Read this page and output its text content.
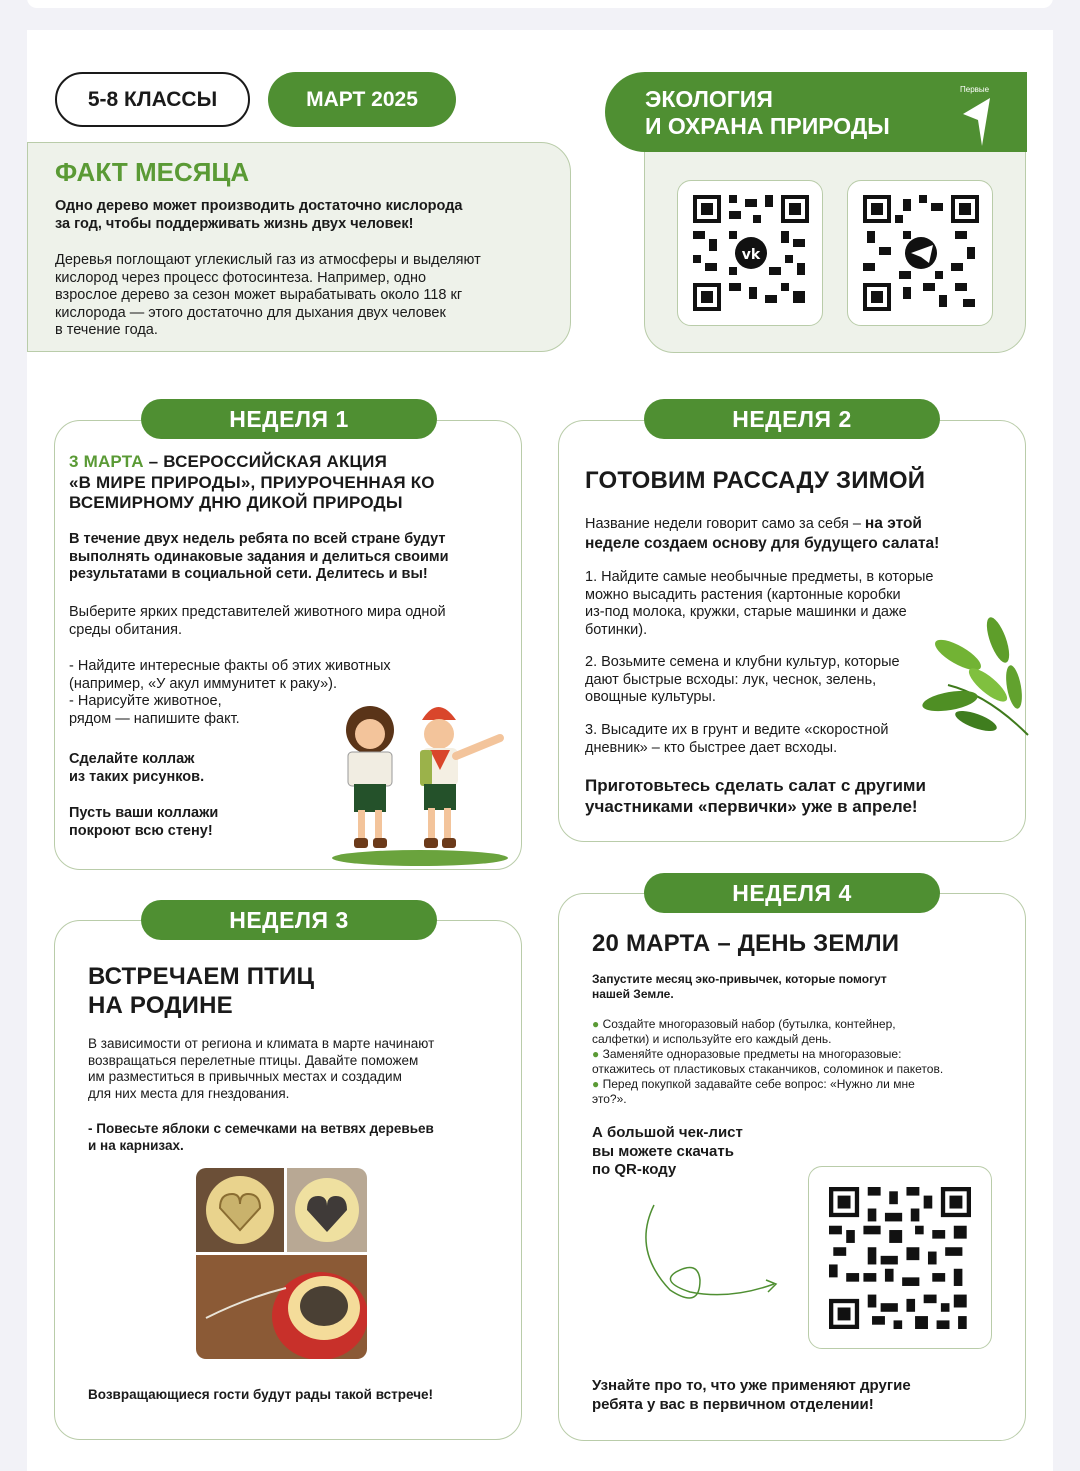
5-8 КЛАССЫ	МАРТ 2025	ЭКОЛОГИЯ
И ОХРАНА ПРИРОДЫ
Первые
vk
ФАКТ МЕСЯЦА
Одно дерево может производить достаточно кислорода
за год, чтобы поддерживать жизнь двух человек!
Деревья поглощают углекислый газ из атмосферы и выделяют
кислород через процесс фотосинтеза. Например, одно
взрослое дерево за сезон может вырабатывать около 118 кг
кислорода — этого достаточно для дыхания двух человек
в течение года.
НЕДЕЛЯ 1
3 МАРТА – ВСЕРОССИЙСКАЯ АКЦИЯ
«В МИРЕ ПРИРОДЫ», ПРИУРОЧЕННАЯ КО
ВСЕМИРНОМУ ДНЮ ДИКОЙ ПРИРОДЫ
В течение двух недель ребята по всей стране будут
выполнять одинаковые задания и делиться своими
результатами в социальной сети. Делитесь и вы!
Выберите ярких представителей животного мира одной
среды обитания.
- Найдите интересные факты об этих животных
(например, «У акул иммунитет к раку»).
- Нарисуйте животное,
рядом — напишите факт.
Сделайте коллаж
из таких рисунков.
Пусть ваши коллажи
покроют всю стену!
НЕДЕЛЯ 2
ГОТОВИМ РАССАДУ ЗИМОЙ
Название недели говорит само за себя – на этой
неделе создаем основу для будущего салата!
1. Найдите самые необычные предметы, в которые
можно высадить растения (картонные коробки
из-под молока, кружки, старые машинки и даже
ботинки).
2. Возьмите семена и клубни культур, которые
дают быстрые всходы: лук, чеснок, зелень,
овощные культуры.
3. Высадите их в грунт и ведите «скоростной
дневник» – кто быстрее дает всходы.
Приготовьтесь сделать салат с другими
участниками «первички» уже в апреле!
НЕДЕЛЯ 3
ВСТРЕЧАЕМ ПТИЦ
НА РОДИНЕ
В зависимости от региона и климата в марте начинают
возвращаться перелетные птицы. Давайте поможем
им разместиться в привычных местах и создадим
для них места для гнездования.
- Повесьте яблоки с семечками на ветвях деревьев
и на карнизах.
Возвращающиеся гости будут рады такой встрече!
НЕДЕЛЯ 4
20 МАРТА – ДЕНЬ ЗЕМЛИ
Запустите месяц эко-привычек, которые помогут
нашей Земле.
● Создайте многоразовый набор (бутылка, контейнер,
салфетки) и используйте его каждый день.
● Заменяйте одноразовые предметы на многоразовые:
откажитесь от пластиковых стаканчиков, соломинок и пакетов.
● Перед покупкой задавайте себе вопрос: «Нужно ли мне
это?».
А большой чек-лист
вы можете скачать
по QR-коду
Узнайте про то, что уже применяют другие
ребята у вас в первичном отделении!
